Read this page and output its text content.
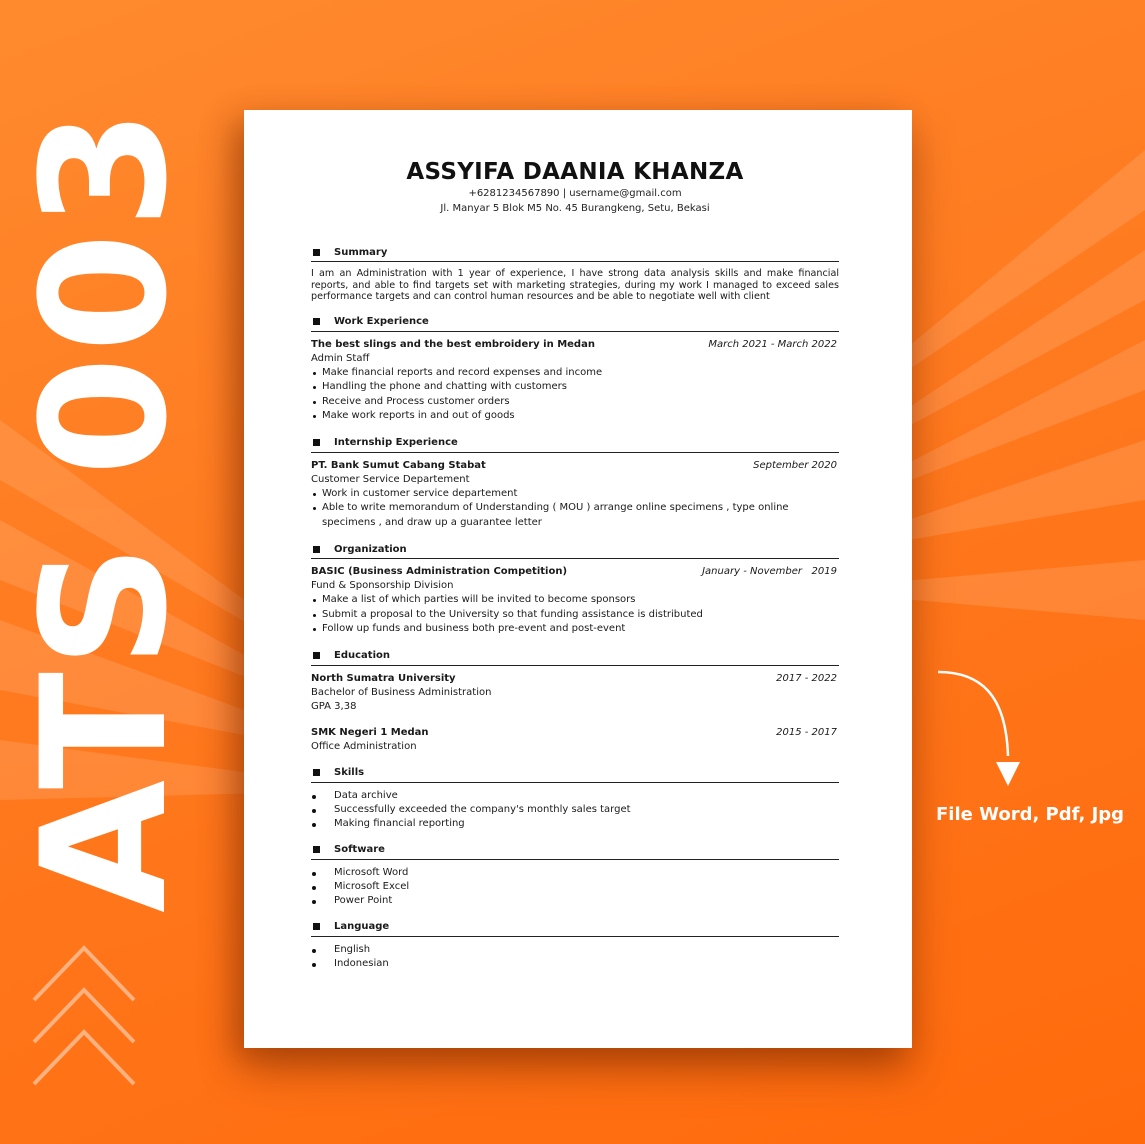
ATS 003	File Word, Pdf, Jpg
ASSYIFA DAANIA KHANZA
+6281234567890 | username@gmail.com
Jl. Manyar 5 Blok M5 No. 45 Burangkeng, Setu, Bekasi
Summary
I am an Administration with 1 year of experience, I have strong data analysis skills and make financial reports, and able to find targets set with marketing strategies, during my work I managed to exceed sales performance targets and can control human resources and be able to negotiate well with client
Work Experience
The best slings and the best embroidery in Medan	March 2021 - March 2022
Admin Staff
Make financial reports and record expenses and income
Handling the phone and chatting with customers
Receive and Process customer orders
Make work reports in and out of goods
Internship Experience
PT. Bank Sumut Cabang Stabat	September 2020
Customer Service Departement
Work in customer service departement
Able to write memorandum of Understanding ( MOU ) arrange online specimens , type online specimens , and draw up a guarantee letter
Organization
BASIC (Business Administration Competition)	January - November   2019
Fund & Sponsorship Division
Make a list of which parties will be invited to become sponsors
Submit a proposal to the University so that funding assistance is distributed
Follow up funds and business both pre-event and post-event
Education
North Sumatra University	2017 - 2022
Bachelor of Business Administration
GPA 3,38
SMK Negeri 1 Medan	2015 - 2017
Office Administration
Skills
Data archive
Successfully exceeded the company's monthly sales target
Making financial reporting
Software
Microsoft Word
Microsoft Excel
Power Point
Language
English
Indonesian
